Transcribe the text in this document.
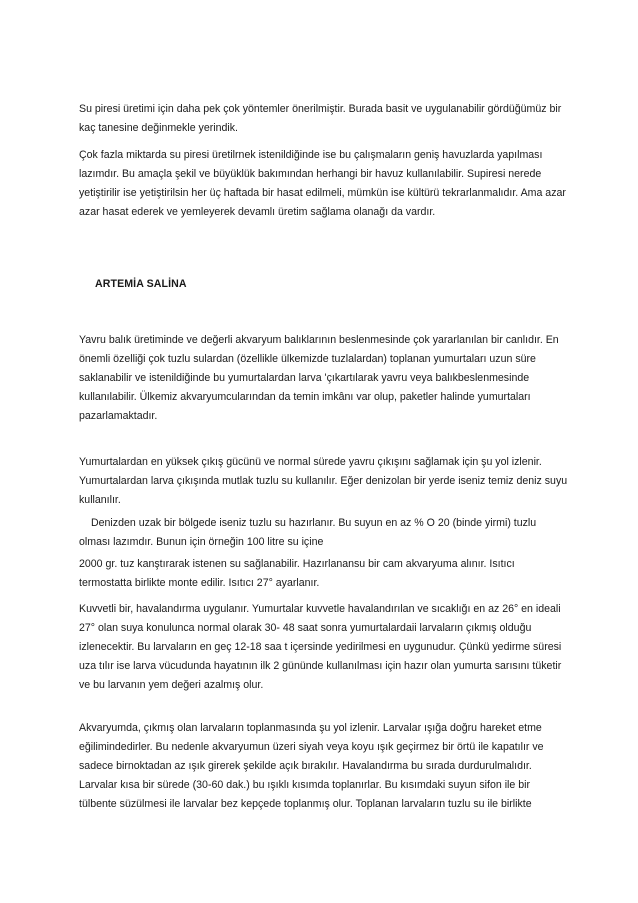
Su piresi üretimi için daha pek çok yöntemler önerilmiştir. Burada basit ve uygulanabilir gördüğümüz bir kaç tanesine değinmekle yerindik.

Çok fazla miktarda su piresi üretilrnek istenildiğinde ise bu çalışmaların geniş havuzlarda yapılması lazımdır. Bu amaçla şekil ve büyüklük bakımından herhangi bir havuz kullanılabilir. Supiresi nerede yetiştirilir ise yetiştirilsin her üç haftada bir hasat edilmeli, mümkün ise kültürü tekrarlanmalıdır. Ama azar azar hasat ederek ve yemleyerek devamlı üretim sağlama olanağı da vardır.

ARTEMİA SALİNA

Yavru balık üretiminde ve değerli akvaryum balıklarının beslenmesinde çok yararlanılan bir canlıdır. En önemli özelliği çok tuzlu sulardan (özellikle ülkemizde tuzlalardan) toplanan yumurtaları uzun süre saklanabilir ve istenildiğinde bu yumurtalardan larva 'çıkartılarak yavru veya balıkbeslenmesinde kullanılabilir. Ülkemiz akvaryumcularından da temin imkânı var olup, paketler halinde yumurtaları pazarlamaktadır.

Yumurtalardan en yüksek çıkış gücünü ve normal sürede yavru çıkışını sağlamak için şu yol izlenir. Yumurtalardan larva çıkışında mutlak tuzlu su kullanılır. Eğer denizolan bir yerde iseniz temiz deniz suyu kullanılır.

Denizden uzak bir bölgede iseniz tuzlu su hazırlanır. Bu suyun en az % O 20 (binde yirmi) tuzlu olması lazımdır. Bunun için örneğin 100 litre su içine

2000 gr. tuz kanştırarak istenen su sağlanabilir. Hazırlanansu bir cam akvaryuma alınır. Isıtıcı termostatta birlikte monte edilir. Isıtıcı 27° ayarlanır.

Kuvvetli bir, havalandırma uygulanır. Yumurtalar kuvvetle havalandırılan ve sıcaklığı en az 26° en ideali 27° olan suya konulunca normal olarak 30- 48 saat sonra yumurtalardaii larvaların çıkmış olduğu izlenecektir. Bu larvaların en geç 12-18 saa t içersinde yedirilmesi en uygunudur. Çünkü yedirme süresi uza tılır ise larva vücudunda hayatının ilk 2 gününde kullanılması için hazır olan yumurta sarısını tüketir ve bu larvanın yem değeri azalmış olur.

Akvaryumda, çıkmış olan larvaların toplanmasında şu yol izlenir. Larvalar ışığa doğru hareket etme eğilimindedirler. Bu nedenle akvaryumun üzeri siyah veya koyu ışık geçirmez bir örtü ile kapatılır ve sadece birnoktadan az ışık girerek şekilde açık bırakılır. Havalandırma bu sırada durdurulmalıdır. Larvalar kısa bir sürede (30-60 dak.) bu ışıklı kısımda toplanırlar. Bu kısımdaki suyun sifon ile bir tülbente süzülmesi ile larvalar bez kepçede toplanmış olur. Toplanan larvaların tuzlu su ile birlikte
